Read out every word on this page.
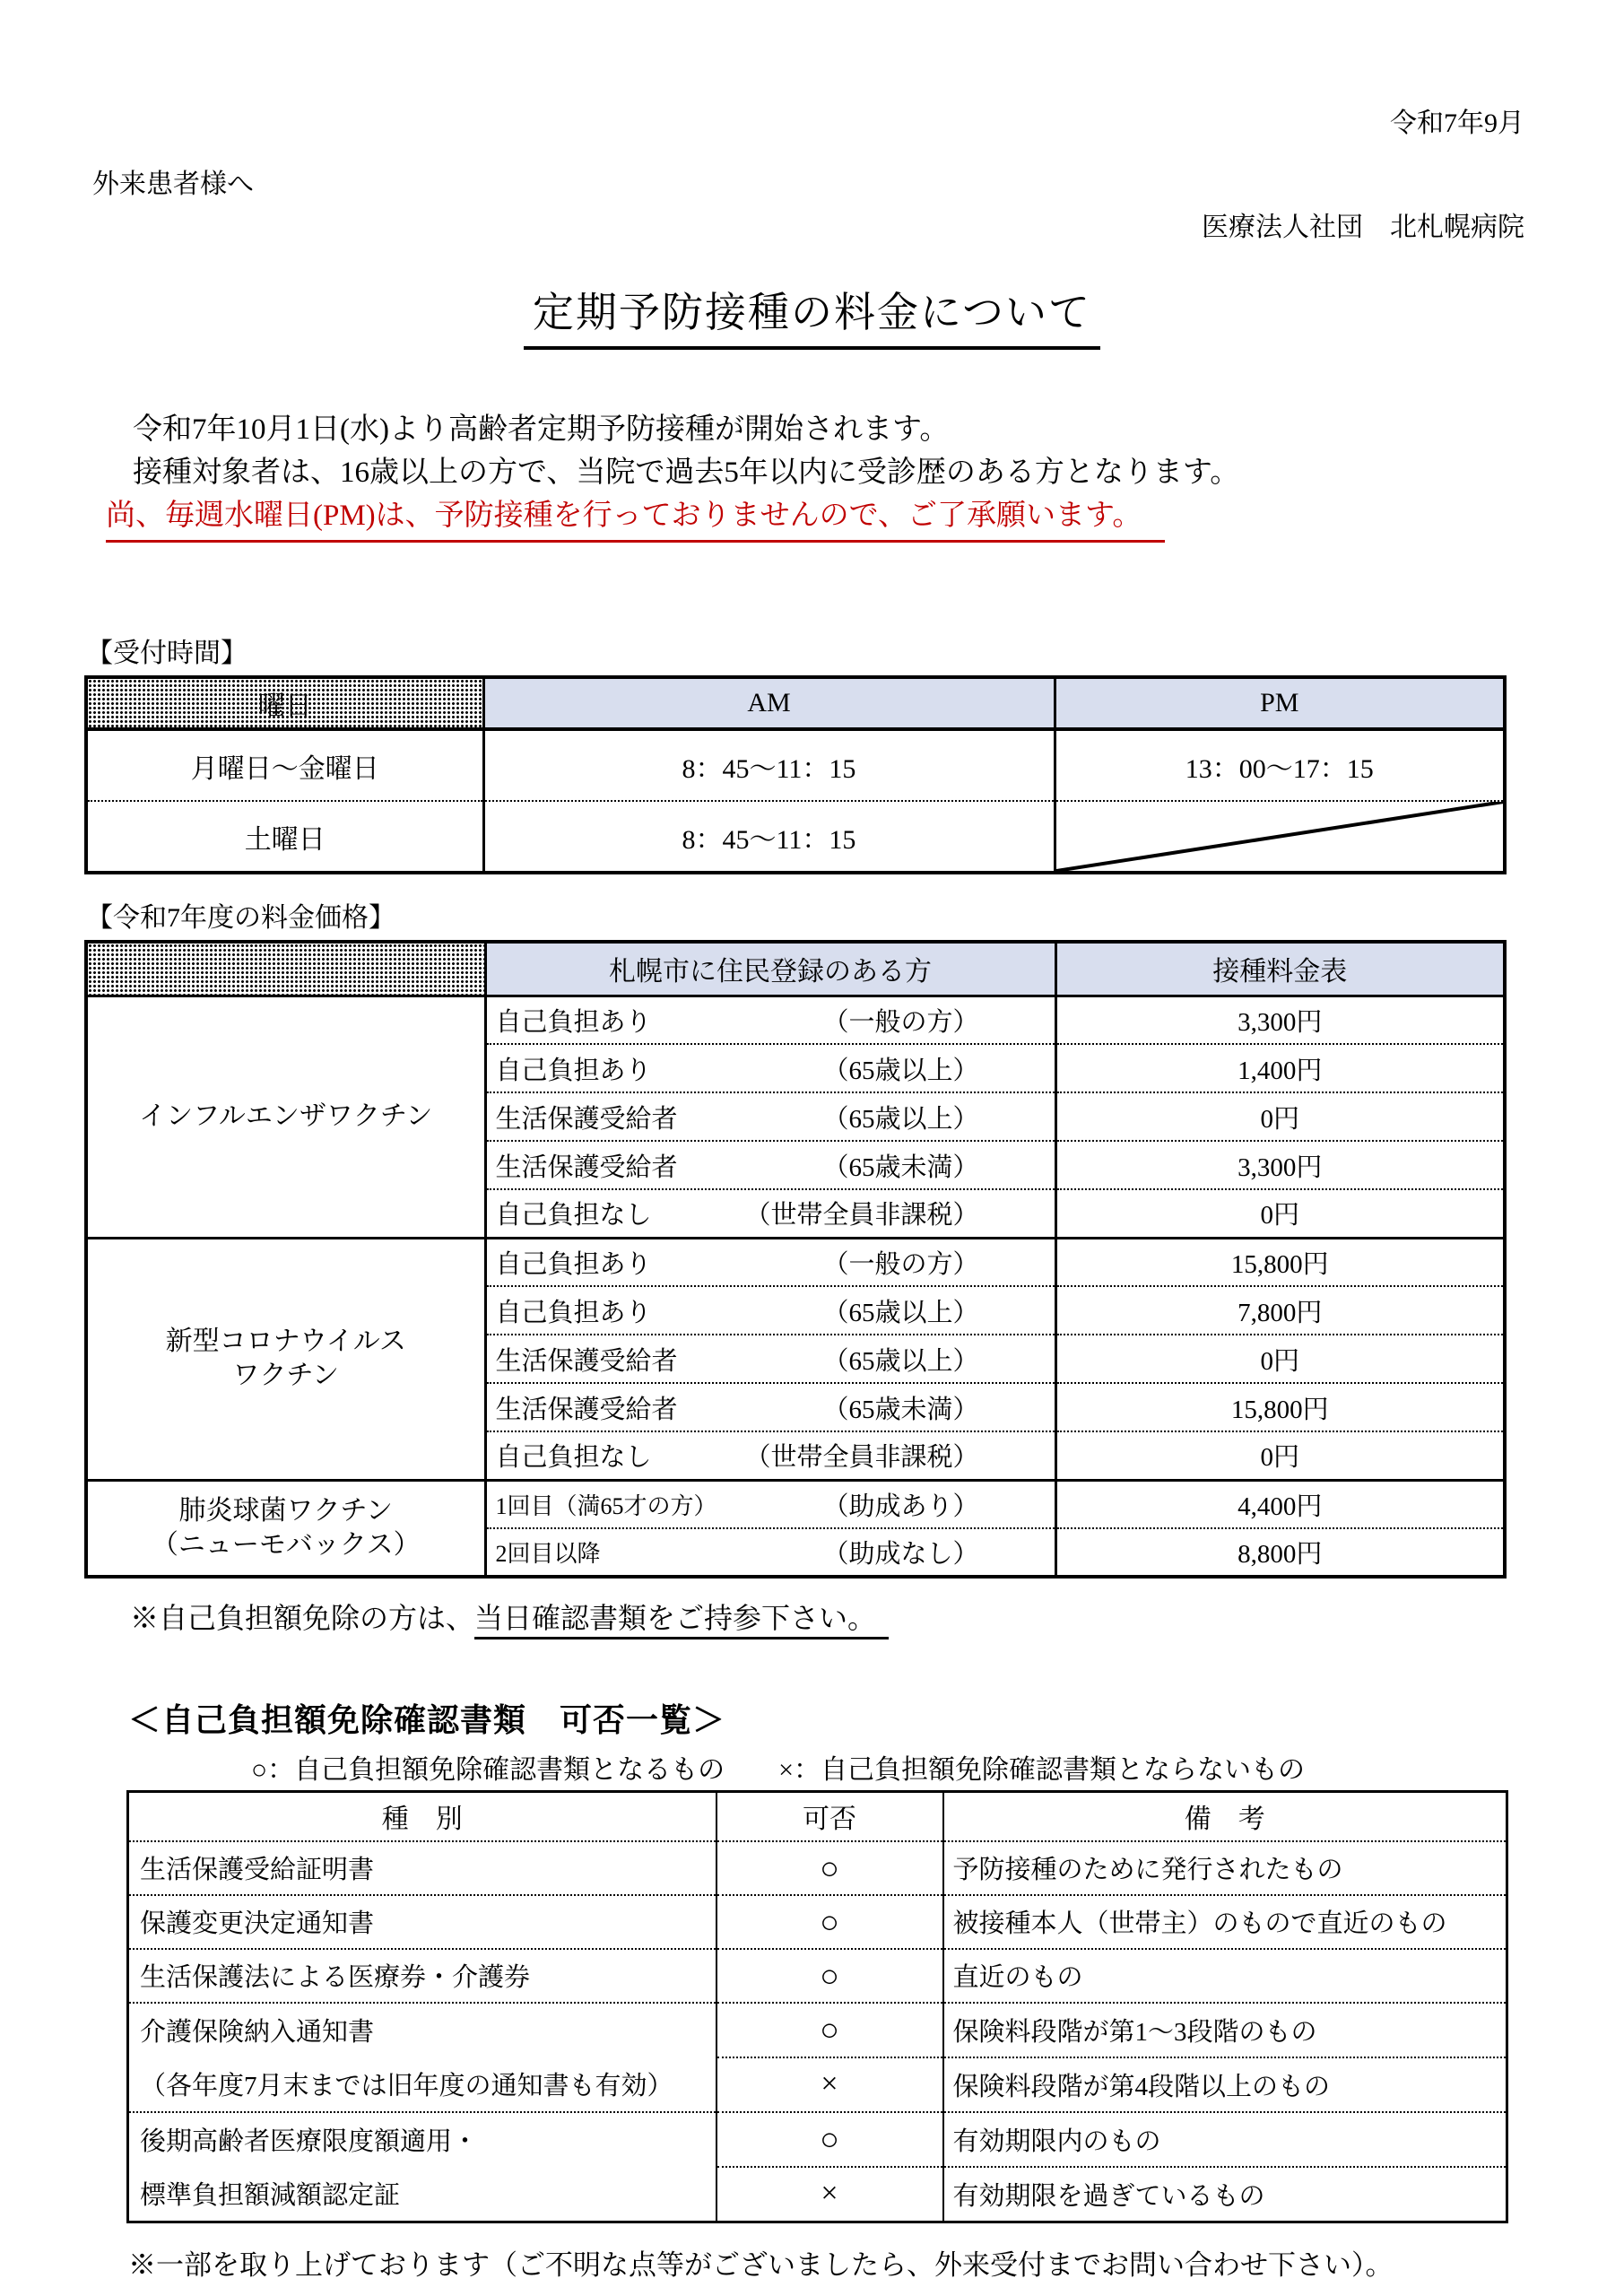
令和7年9月
外来患者様へ
医療法人社団　北札幌病院
定期予防接種の料金について
令和7年10月1日(水)より高齢者定期予防接種が開始されます。
接種対象者は、16歳以上の方で、当院で過去5年以内に受診歴のある方となります。
尚、毎週水曜日(PM)は、予防接種を行っておりませんので、ご了承願います。
【受付時間】
曜日	AM	PM
月曜日～金曜日	8：45～11：15	13：00～17：15
土曜日	8：45～11：15	
【令和7年度の料金価格】
	札幌市に住民登録のある方	接種料金表

インフルエンザワクチン	自己負担あり （一般の方）	3,300円

	自己負担あり （65歳以上）	1,400円

	生活保護受給者 （65歳以上）	0円

	生活保護受給者 （65歳未満）	3,300円

	自己負担なし （世帯全員非課税）	0円

新型コロナウイルス
ワクチン

自己負担あり	（一般の方）	15,800円

	自己負担あり （65歳以上）	7,800円

	生活保護受給者 （65歳以上）	0円

	生活保護受給者 （65歳未満）	15,800円

	自己負担なし （世帯全員非課税）	0円

肺炎球菌ワクチン
（ニューモバックス）

1回目（満65才の方）	（助成あり）	4,400円

	2回目以降 （助成なし）	8,800円
※自己負担額免除の方は、当日確認書類をご持参下さい。
＜自己負担額免除確認書類　可否一覧＞
○：自己負担額免除確認書類となるもの　　×：自己負担額免除確認書類とならないもの
種　別	可否	備　考
生活保護受給証明書	○	予防接種のために発行されたもの
保護変更決定通知書	○	被接種本人（世帯主）のもので直近のもの
生活保護法による医療券・介護券	○	直近のもの

介護保険納入通知書
（各年度7月末までは旧年度の通知書も有効）	○	保険料段階が第1～3段階のもの
	×	保険料段階が第4段階以上のもの

後期高齢者医療限度額適用・
標準負担額減額認定証	○	有効期限内のもの
	×	有効期限を過ぎているもの
※一部を取り上げております（ご不明な点等がございましたら、外来受付までお問い合わせ下さい）。
